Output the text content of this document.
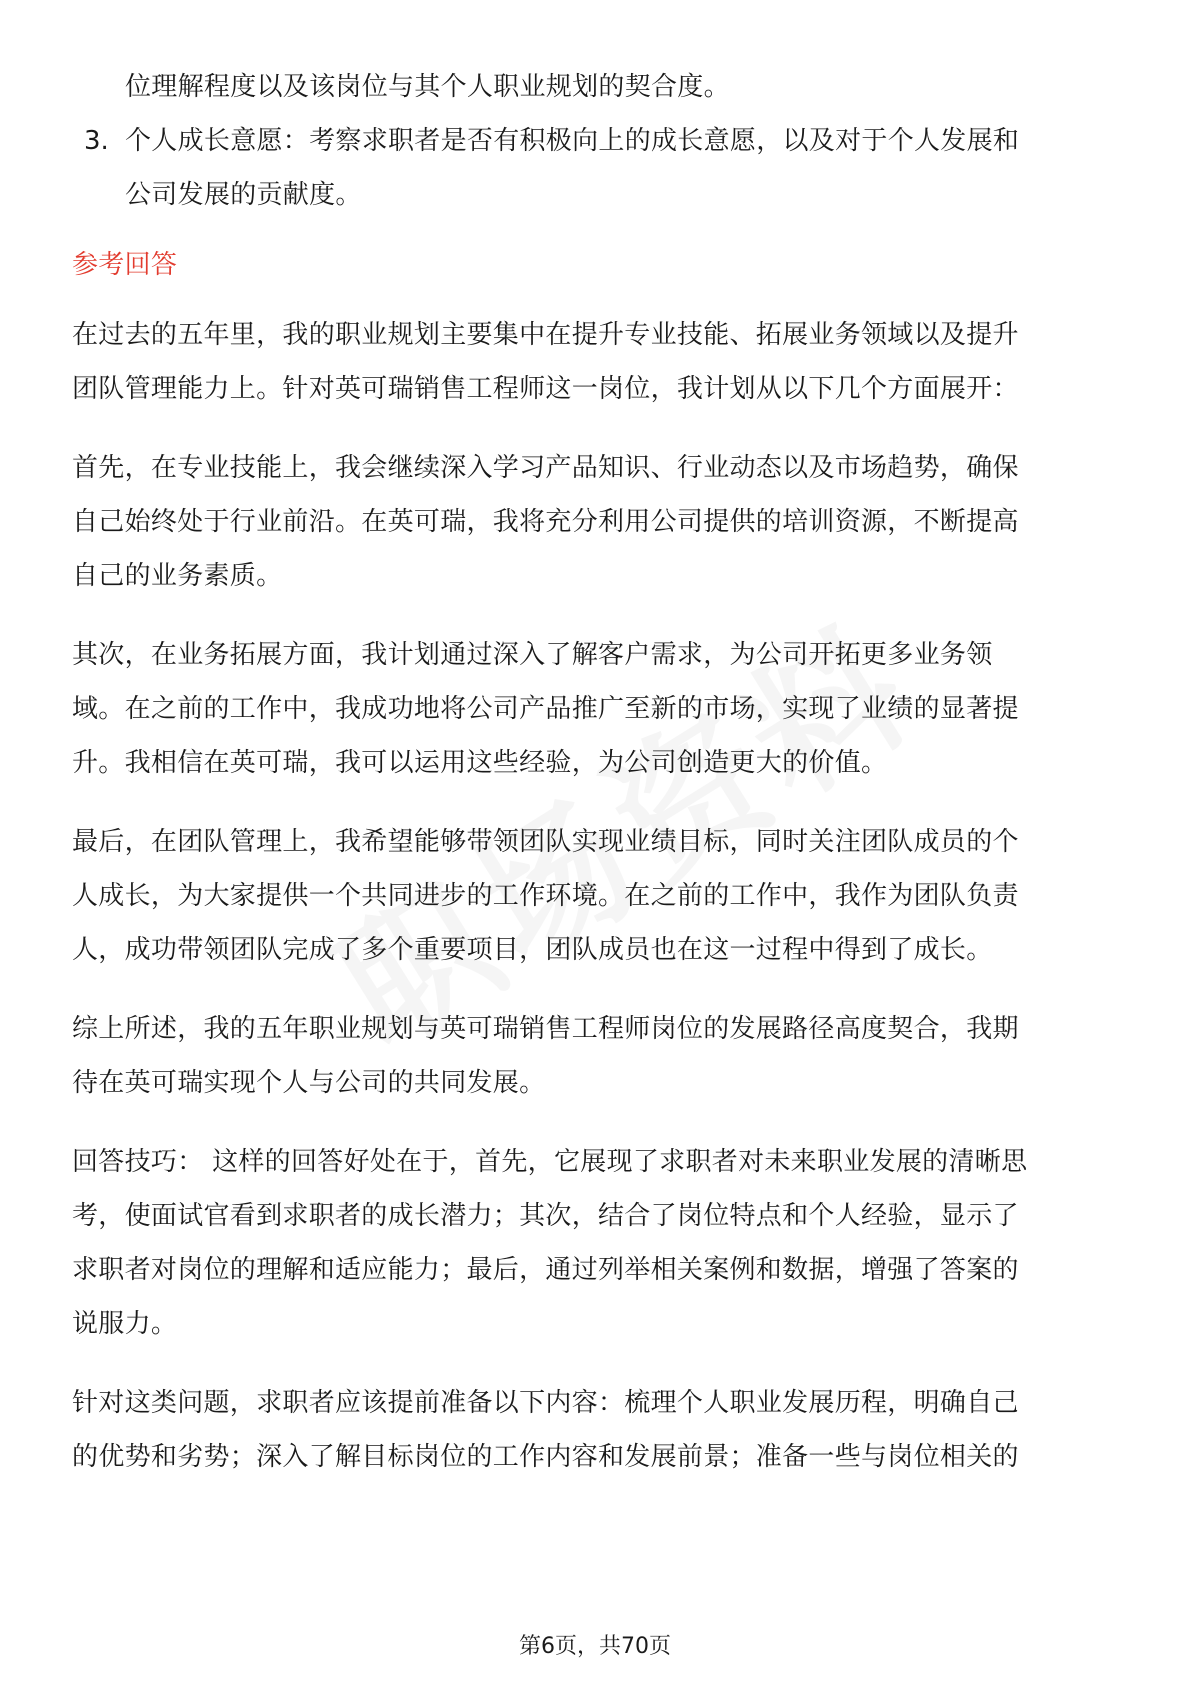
位理解程度以及该岗位与其个人职业规划的契合度。
3. 个人成长意愿：考察求职者是否有积极向上的成长意愿，以及对于个人发展和
公司发展的贡献度。
参考回答
在过去的五年里，我的职业规划主要集中在提升专业技能、拓展业务领域以及提升
团队管理能力上。针对英可瑞销售工程师这一岗位，我计划从以下几个方面展开：
首先，在专业技能上，我会继续深入学习产品知识、行业动态以及市场趋势，确保
自己始终处于行业前沿。在英可瑞，我将充分利用公司提供的培训资源，不断提高
自己的业务素质。
其次，在业务拓展方面，我计划通过深入了解客户需求，为公司开拓更多业务领
域。在之前的工作中，我成功地将公司产品推广至新的市场，实现了业绩的显著提
升。我相信在英可瑞，我可以运用这些经验，为公司创造更大的价值。
最后，在团队管理上，我希望能够带领团队实现业绩目标，同时关注团队成员的个
人成长，为大家提供一个共同进步的工作环境。在之前的工作中，我作为团队负责
人，成功带领团队完成了多个重要项目，团队成员也在这一过程中得到了成长。
综上所述，我的五年职业规划与英可瑞销售工程师岗位的发展路径高度契合，我期
待在英可瑞实现个人与公司的共同发展。
回答技巧： 这样的回答好处在于，首先，它展现了求职者对未来职业发展的清晰思
考，使面试官看到求职者的成长潜力；其次，结合了岗位特点和个人经验，显示了
求职者对岗位的理解和适应能力；最后，通过列举相关案例和数据，增强了答案的
说服力。
针对这类问题，求职者应该提前准备以下内容：梳理个人职业发展历程，明确自己
的优势和劣势；深入了解目标岗位的工作内容和发展前景；准备一些与岗位相关的
第6页，共70页
